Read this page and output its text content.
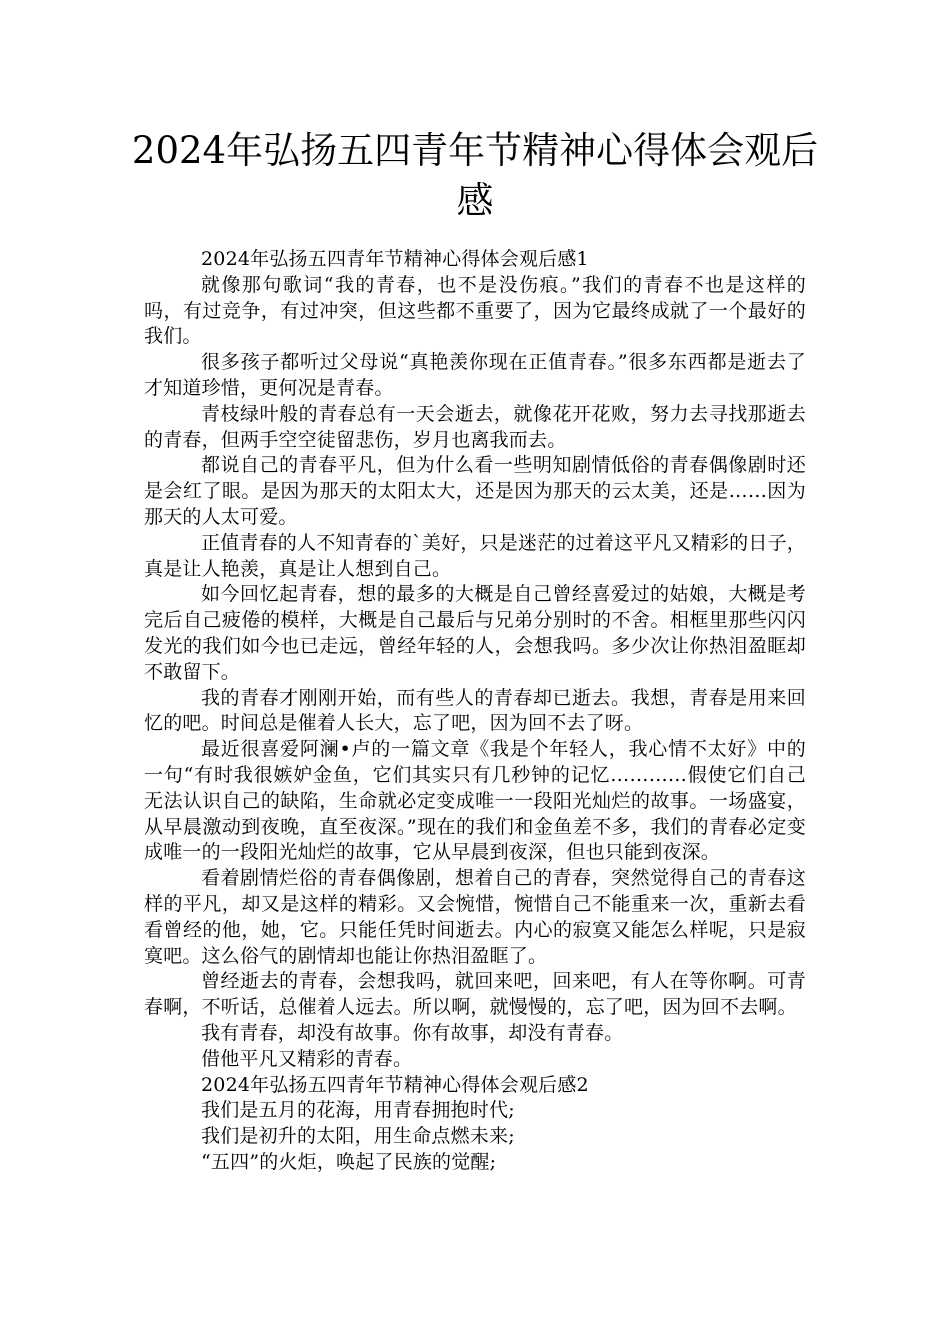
2024年弘扬五四青年节精神心得体会观后感

2024年弘扬五四青年节精神心得体会观后感1

就像那句歌词“我的青春，也不是没伤痕。”我们的青春不也是这样的吗，有过竞争，有过冲突，但这些都不重要了，因为它最终成就了一个最好的我们。

很多孩子都听过父母说“真艳羡你现在正值青春。”很多东西都是逝去了才知道珍惜，更何况是青春。

青枝绿叶般的青春总有一天会逝去，就像花开花败，努力去寻找那逝去的青春，但两手空空徒留悲伤，岁月也离我而去。

都说自己的青春平凡，但为什么看一些明知剧情低俗的青春偶像剧时还是会红了眼。是因为那天的太阳太大，还是因为那天的云太美，还是……因为那天的人太可爱。

正值青春的人不知青春的`美好，只是迷茫的过着这平凡又精彩的日子，真是让人艳羡，真是让人想到自己。

如今回忆起青春，想的最多的大概是自己曾经喜爱过的姑娘，大概是考完后自己疲倦的模样，大概是自己最后与兄弟分别时的不舍。相框里那些闪闪发光的我们如今也已走远，曾经年轻的人，会想我吗。多少次让你热泪盈眶却不敢留下。

我的青春才刚刚开始，而有些人的青春却已逝去。我想，青春是用来回忆的吧。时间总是催着人长大，忘了吧，因为回不去了呀。

最近很喜爱阿澜•卢的一篇文章《我是个年轻人，我心情不太好》中的一句“有时我很嫉妒金鱼，它们其实只有几秒钟的记忆…………假使它们自己无法认识自己的缺陷，生命就必定变成唯一一段阳光灿烂的故事。一场盛宴，从早晨激动到夜晚，直至夜深。”现在的我们和金鱼差不多，我们的青春必定变成唯一的一段阳光灿烂的故事，它从早晨到夜深，但也只能到夜深。

看着剧情烂俗的青春偶像剧，想着自己的青春，突然觉得自己的青春这样的平凡，却又是这样的精彩。又会惋惜，惋惜自己不能重来一次，重新去看看曾经的他，她，它。只能任凭时间逝去。内心的寂寞又能怎么样呢，只是寂寞吧。这么俗气的剧情却也能让你热泪盈眶了。

曾经逝去的青春，会想我吗，就回来吧，回来吧，有人在等你啊。可青春啊，不听话，总催着人远去。所以啊，就慢慢的，忘了吧，因为回不去啊。

我有青春，却没有故事。你有故事，却没有青春。

借他平凡又精彩的青春。

2024年弘扬五四青年节精神心得体会观后感2

我们是五月的花海，用青春拥抱时代;

我们是初升的太阳，用生命点燃未来;

“五四”的火炬，唤起了民族的觉醒;
